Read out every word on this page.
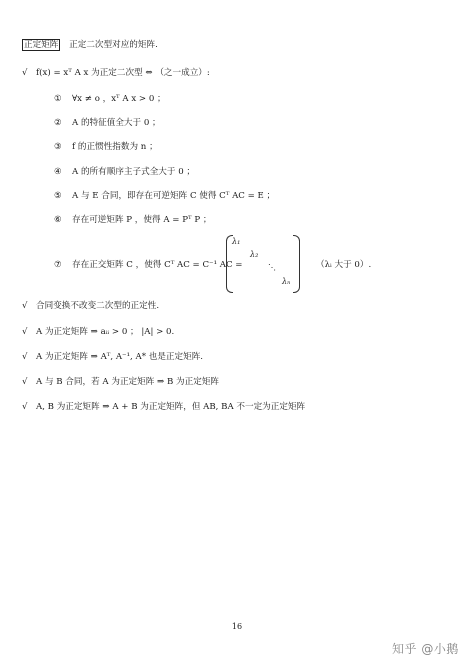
正定矩阵 正定二次型对应的矩阵.
√ f(x) = xᵀ A x 为正定二次型 ⇔ （之一成立）:
① ∀x ≠ o ，xᵀ A x > 0 ；
② A 的特征值全大于 0 ；
③ f 的正惯性指数为 n ；
④ A 的所有顺序主子式全大于 0 ；
⑤ A 与 E 合同，即存在可逆矩阵 C 使得 Cᵀ AC = E ；
⑥ 存在可逆矩阵 P ，使得 A = Pᵀ P ；
⑦ 存在正交矩阵 C ，使得 Cᵀ AC = C⁻¹ AC =
λ₁
λ₂
⋱
λₙ
（λᵢ 大于 0）.
√ 合同变换不改变二次型的正定性.
√ A 为正定矩阵 ⇒ aᵢᵢ > 0 ； |A| > 0.
√ A 为正定矩阵 ⇒ Aᵀ, A⁻¹, A* 也是正定矩阵.
√ A 与 B 合同，若 A 为正定矩阵 ⇒ B 为正定矩阵
√ A, B 为正定矩阵 ⇒ A + B 为正定矩阵，但 AB, BA 不一定为正定矩阵
16
知乎 @小鹅
